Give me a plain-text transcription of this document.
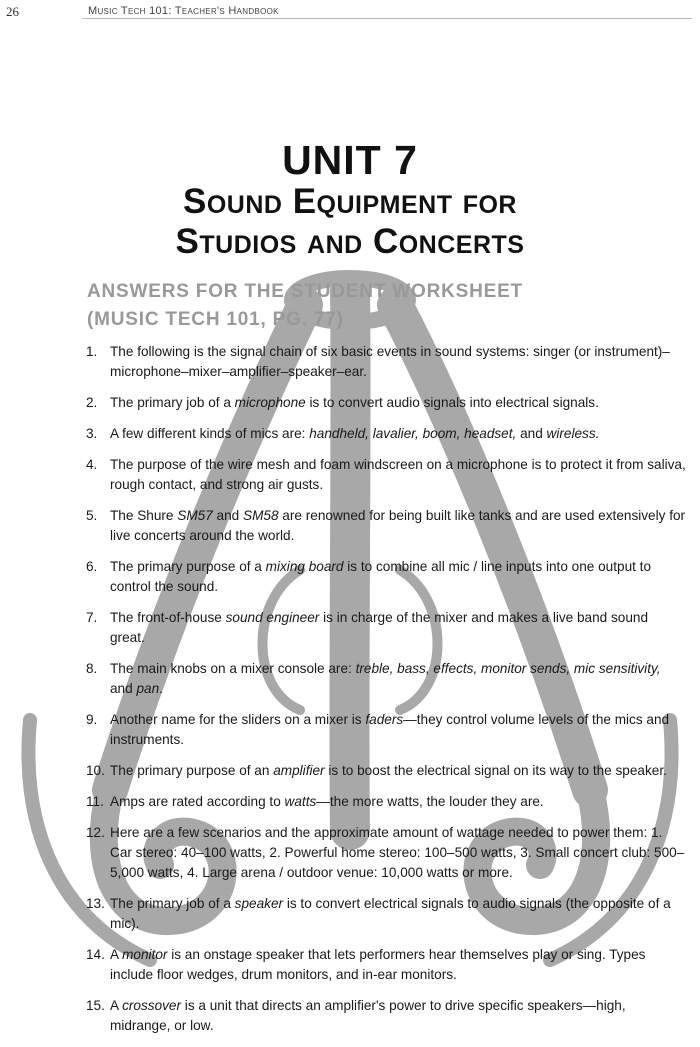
26	Music Tech 101: Teacher's Handbook
UNIT 7
Sound Equipment for
Studios and Concerts
ANSWERS FOR THE STUDENT WORKSHEET
(MUSIC TECH 101, PG. 77)
1. The following is the signal chain of six basic events in sound systems: singer (or instrument)–microphone–mixer–amplifier–speaker–ear.
2. The primary job of a microphone is to convert audio signals into electrical signals.
3. A few different kinds of mics are: handheld, lavalier, boom, headset, and wireless.
4. The purpose of the wire mesh and foam windscreen on a microphone is to protect it from saliva, rough contact, and strong air gusts.
5. The Shure SM57 and SM58 are renowned for being built like tanks and are used extensively for live concerts around the world.
6. The primary purpose of a mixing board is to combine all mic / line inputs into one output to control the sound.
7. The front-of-house sound engineer is in charge of the mixer and makes a live band sound great.
8. The main knobs on a mixer console are: treble, bass, effects, monitor sends, mic sensitivity, and pan.
9. Another name for the sliders on a mixer is faders—they control volume levels of the mics and instruments.
10. The primary purpose of an amplifier is to boost the electrical signal on its way to the speaker.
11. Amps are rated according to watts—the more watts, the louder they are.
12. Here are a few scenarios and the approximate amount of wattage needed to power them: 1. Car stereo: 40–100 watts, 2. Powerful home stereo: 100–500 watts, 3. Small concert club: 500–5,000 watts, 4. Large arena / outdoor venue: 10,000 watts or more.
13. The primary job of a speaker is to convert electrical signals to audio signals (the opposite of a mic).
14. A monitor is an onstage speaker that lets performers hear themselves play or sing. Types include floor wedges, drum monitors, and in-ear monitors.
15. A crossover is a unit that directs an amplifier's power to drive specific speakers—high, midrange, or low.
